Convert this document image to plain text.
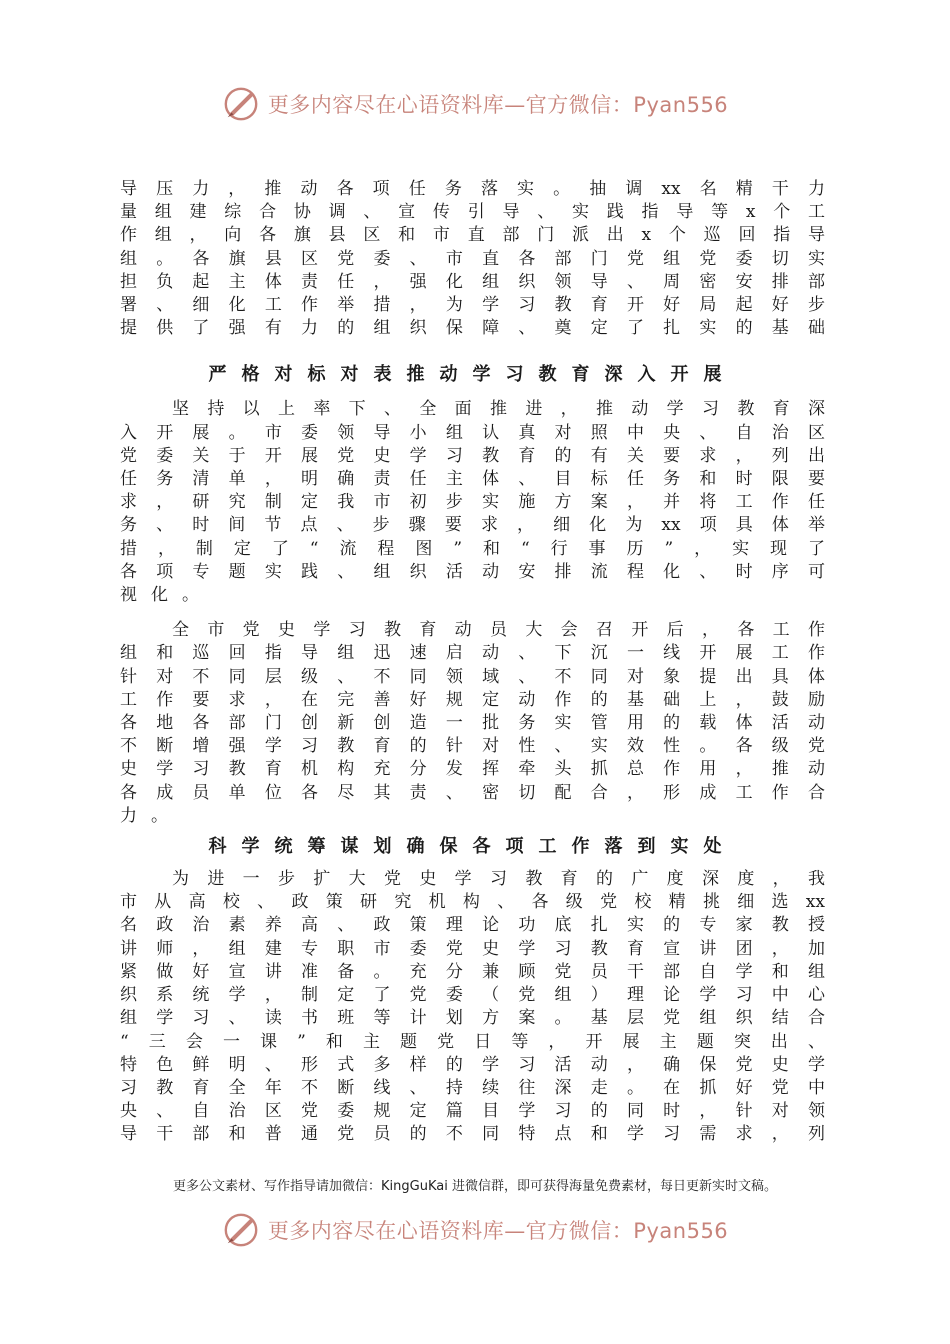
更多内容尽在心语资料库—官方微信：Pyan556

导压力，推动各项任务落实。抽调xx名精干力
量组建综合协调、宣传引导、实践指导等x个工
作组，向各旗县区和市直部门派出x个巡回指导
组。各旗县区党委、市直各部门党组党委切实
担负起主体责任，强化组织领导、周密安排部
署、细化工作举措，为学习教育开好局起好步
提供了强有力的组织保障、奠定了扎实的基础

严格对标对表推动学习教育深入开展

坚持以上率下、全面推进，推动学习教育深
入开展。市委领导小组认真对照中央、自治区
党委关于开展党史学习教育的有关要求，列出
任务清单，明确责任主体、目标任务和时限要
求，研究制定我市初步实施方案，并将工作任
务、时间节点、步骤要求，细化为xx项具体举
措，制定了“流程图”和“行事历”，实现了
各项专题实践、组织活动安排流程化、时序可
视化。

全市党史学习教育动员大会召开后，各工作
组和巡回指导组迅速启动、下沉一线开展工作
针对不同层级、不同领域、不同对象提出具体
工作要求，在完善好规定动作的基础上，鼓励
各地各部门创新创造一批务实管用的载体活动
不断增强学习教育的针对性、实效性。各级党
史学习教育机构充分发挥牵头抓总作用，推动
各成员单位各尽其责、密切配合，形成工作合
力。

科学统筹谋划确保各项工作落到实处

为进一步扩大党史学习教育的广度深度，我
市从高校、政策研究机构、各级党校精挑细选xx
名政治素养高、政策理论功底扎实的专家教授
讲师，组建专职市委党史学习教育宣讲团，加
紧做好宣讲准备。充分兼顾党员干部自学和组
织系统学，制定了党委（党组）理论学习中心
组学习、读书班等计划方案。基层党组织结合
“三会一课”和主题党日等，开展主题突出、
特色鲜明、形式多样的学习活动，确保党史学
习教育全年不断线、持续往深走。在抓好党中
央、自治区党委规定篇目学习的同时，针对领
导干部和普通党员的不同特点和学习需求，列

更多公文素材、写作指导请加微信：KingGuKai 进微信群，即可获得海量免费素材，每日更新实时文稿。
更多内容尽在心语资料库—官方微信：Pyan556
